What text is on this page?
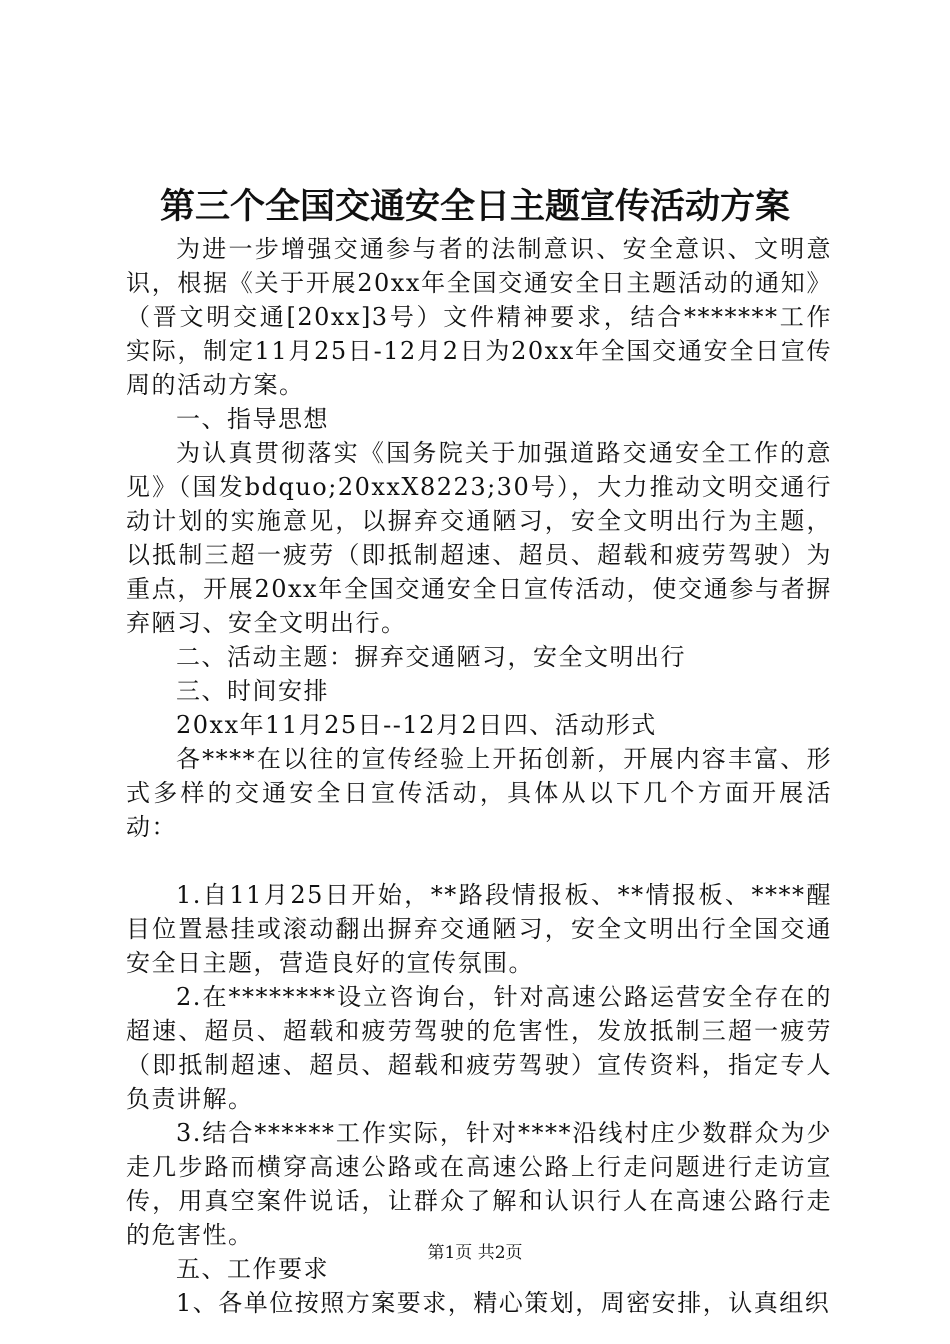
第三个全国交通安全日主题宣传活动方案

为进一步增强交通参与者的法制意识、安全意识、文明意识，根据《关于开展20xx年全国交通安全日主题活动的通知》（晋文明交通[20xx]3号）文件精神要求，结合*******工作实际，制定11月25日-12月2日为20xx年全国交通安全日宣传周的活动方案。

一、指导思想

为认真贯彻落实《国务院关于加强道路交通安全工作的意见》（国发bdquo;20xxX8223;30号），大力推动文明交通行动计划的实施意见，以摒弃交通陋习，安全文明出行为主题，以抵制三超一疲劳（即抵制超速、超员、超载和疲劳驾驶）为重点，开展20xx年全国交通安全日宣传活动，使交通参与者摒弃陋习、安全文明出行。

二、活动主题：摒弃交通陋习，安全文明出行

三、时间安排

20xx年11月25日--12月2日四、活动形式

各****在以往的宣传经验上开拓创新，开展内容丰富、形式多样的交通安全日宣传活动，具体从以下几个方面开展活动：

1.自11月25日开始，**路段情报板、**情报板、****醒目位置悬挂或滚动翻出摒弃交通陋习，安全文明出行全国交通安全日主题，营造良好的宣传氛围。

2.在********设立咨询台，针对高速公路运营安全存在的超速、超员、超载和疲劳驾驶的危害性，发放抵制三超一疲劳（即抵制超速、超员、超载和疲劳驾驶）宣传资料，指定专人负责讲解。

3.结合******工作实际，针对****沿线村庄少数群众为少走几步路而横穿高速公路或在高速公路上行走问题进行走访宣传，用真空案件说话，让群众了解和认识行人在高速公路行走的危害性。

五、工作要求

1、各单位按照方案要求，精心策划，周密安排，认真组织

第1页 共2页
